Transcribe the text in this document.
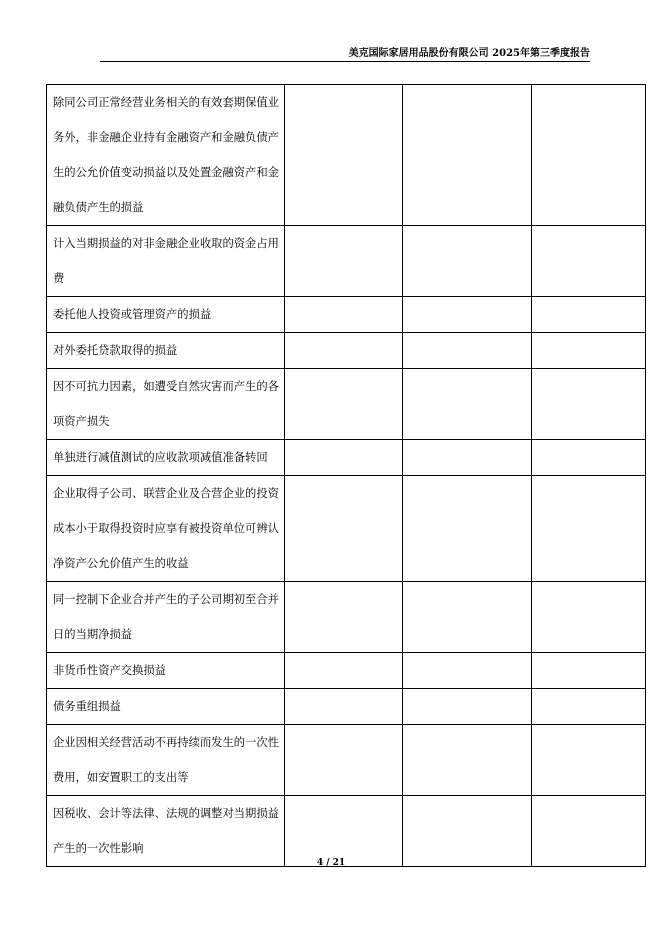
美克国际家居用品股份有限公司 2025年第三季度报告
除同公司正常经营业务相关的有效套期保值业务外，非金融企业持有金融资产和金融负债产生的公允价值变动损益以及处置金融资产和金融负债产生的损益			

计入当期损益的对非金融企业收取的资金占用费			

委托他人投资或管理资产的损益			

对外委托贷款取得的损益			

因不可抗力因素，如遭受自然灾害而产生的各项资产损失			

单独进行减值测试的应收款项减值准备转回			

企业取得子公司、联营企业及合营企业的投资成本小于取得投资时应享有被投资单位可辨认净资产公允价值产生的收益			

同一控制下企业合并产生的子公司期初至合并日的当期净损益			

非货币性资产交换损益			

债务重组损益			

企业因相关经营活动不再持续而发生的一次性费用，如安置职工的支出等			

因税收、会计等法律、法规的调整对当期损益产生的一次性影响			

4 / 21
